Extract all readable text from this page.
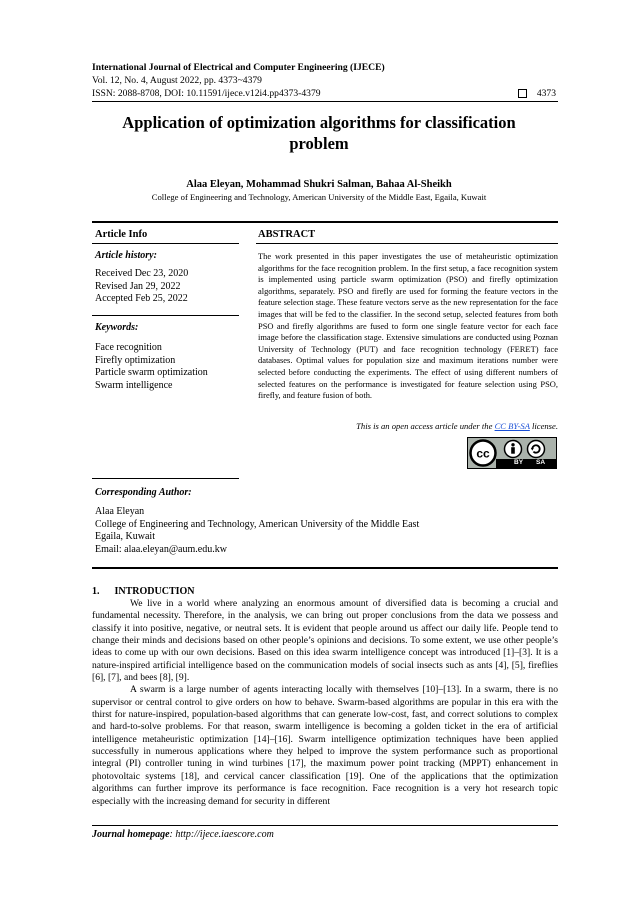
International Journal of Electrical and Computer Engineering (IJECE)
Vol. 12, No. 4, August 2022, pp. 4373~4379
ISSN: 2088-8708, DOI: 10.11591/ijece.v12i4.pp4373-4379	4373
Application of optimization algorithms for classification
problem
Alaa Eleyan, Mohammad Shukri Salman, Bahaa Al-Sheikh
College of Engineering and Technology, American University of the Middle East, Egaila, Kuwait
Article Info	ABSTRACT
Article history:
Received Dec 23, 2020
Revised Jan 29, 2022
Accepted Feb 25, 2022
Keywords:
Face recognition
Firefly optimization
Particle swarm optimization
Swarm intelligence
The work presented in this paper investigates the use of metaheuristic optimization algorithms for the face recognition problem. In the first setup, a face recognition system is implemented using particle swarm optimization (PSO) and firefly optimization algorithms, separately. PSO and firefly are used for forming the feature vectors in the feature selection stage. These feature vectors serve as the new representation for the face images that will be fed to the classifier. In the second setup, selected features from both PSO and firefly algorithms are fused to form one single feature vector for each face image before the classification stage. Extensive simulations are conducted using Poznan University of Technology (PUT) and face recognition technology (FERET) face databases. Optimal values for population size and maximum iterations number were selected before conducting the experiments. The effect of using different numbers of selected features on the performance is investigated for feature selection using PSO, firefly, and feature fusion of both.
This is an open access article under the CC BY-SA license.
cc
BY SA
Corresponding Author:
Alaa Eleyan
College of Engineering and Technology, American University of the Middle East
Egaila, Kuwait
Email: alaa.eleyan@aum.edu.kw
1.      INTRODUCTION

We live in a world where analyzing an enormous amount of diversified data is becoming a crucial and fundamental necessity. Therefore, in the analysis, we can bring out proper conclusions from the data we possess and classify it into positive, negative, or neutral sets. It is evident that people around us affect our daily life. People tend to change their minds and decisions based on other people’s opinions and decisions. To some extent, we use other people’s ideas to come up with our own decisions. Based on this idea swarm intelligence concept was introduced [1]–[3]. It is a nature-inspired artificial intelligence based on the communication models of social insects such as ants [4], [5], fireflies [6], [7], and bees [8], [9].

A swarm is a large number of agents interacting locally with themselves [10]–[13]. In a swarm, there is no supervisor or central control to give orders on how to behave. Swarm-based algorithms are popular in this era with the thirst for nature-inspired, population-based algorithms that can generate low-cost, fast, and correct solutions to complex and hard-to-solve problems. For that reason, swarm intelligence is becoming a golden ticket in the era of artificial intelligence metaheuristic optimization [14]–[16]. Swarm intelligence optimization techniques have been applied successfully in numerous applications where they helped to improve the system performance such as proportional integral (PI) controller tuning in wind turbines [17], the maximum power point tracking (MPPT) enhancement in photovoltaic systems [18], and cervical cancer classification [19]. One of the applications that the optimization algorithms can further improve its performance is face recognition. Face recognition is a very hot research topic especially with the increasing demand for security in different

Journal homepage: http://ijece.iaescore.com
